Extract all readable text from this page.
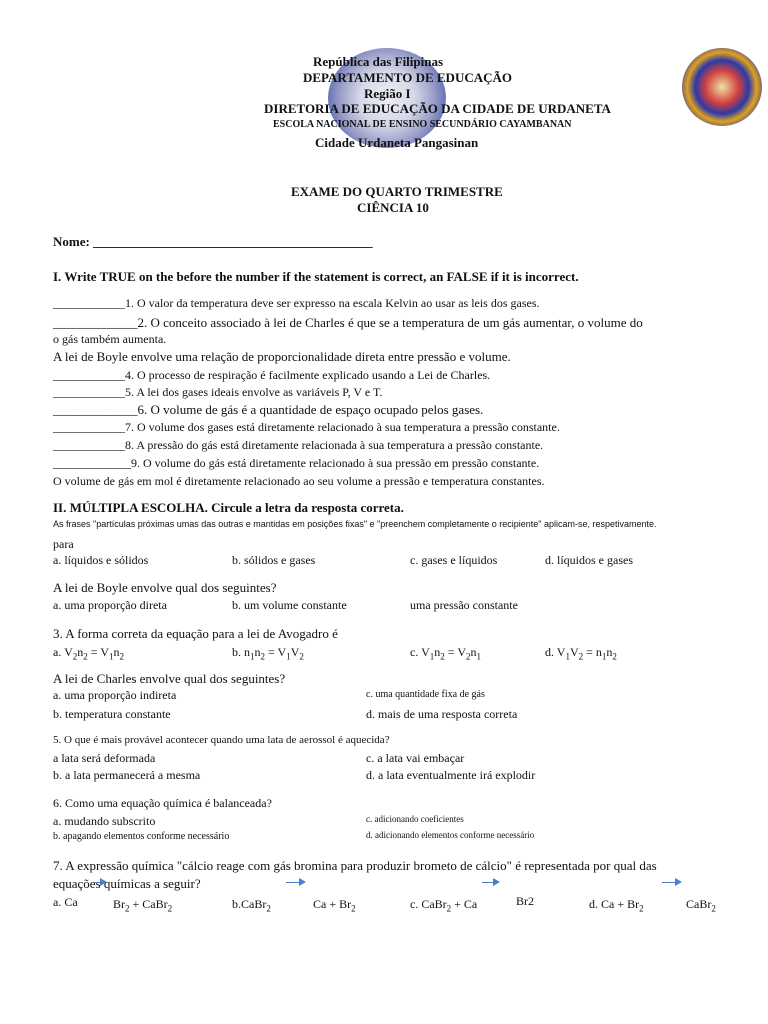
República das Filipinas
DEPARTAMENTO DE EDUCAÇÃO
Região I
DIRETORIA DE EDUCAÇÃO DA CIDADE DE URDANETA
ESCOLA NACIONAL DE ENSINO SECUNDÁRIO CAYAMBANAN
Cidade Urdaneta Pangasinan
EXAME DO QUARTO TRIMESTRE
CIÊNCIA 10
Nome: ___________________________________________
I. Write TRUE on the before the number if the statement is correct, an FALSE if it is incorrect.
____________1. O valor da temperatura deve ser expresso na escala Kelvin ao usar as leis dos gases.
_____________2. O conceito associado à lei de Charles é que se a temperatura de um gás aumentar, o volume do
o gás também aumenta.
A lei de Boyle envolve uma relação de proporcionalidade direta entre pressão e volume.
____________4. O processo de respiração é facilmente explicado usando a Lei de Charles.
____________5. A lei dos gases ideais envolve as variáveis P, V e T.
_____________6. O volume de gás é a quantidade de espaço ocupado pelos gases.
____________7. O volume dos gases está diretamente relacionado à sua temperatura a pressão constante.
____________8. A pressão do gás está diretamente relacionada à sua temperatura a pressão constante.
_____________9. O volume do gás está diretamente relacionado à sua pressão em pressão constante.
O volume de gás em mol é diretamente relacionado ao seu volume a pressão e temperatura constantes.
II. MÚLTIPLA ESCOLHA. Circule a letra da resposta correta.
As frases "partículas próximas umas das outras e mantidas em posições fixas" e "preenchem completamente o recipiente" aplicam-se, respetivamente.
para
a. líquidos e sólidos	b. sólidos e gases	c. gases e líquidos	d. líquidos e gases
A lei de Boyle envolve qual dos seguintes?
a. uma proporção direta	b. um volume constante	uma pressão constante
3. A forma correta da equação para a lei de Avogadro é
a. $V_2n_2 = V_1n_2$	b. $n_1n_2 = V_1V_2$	c. $V_1n_2 = V_2n_1$	d. $V_1V_2 = n_1n_2$
A lei de Charles envolve qual dos seguintes?
a. uma proporção indireta	c. uma quantidade fixa de gás
b. temperatura constante	d. mais de uma resposta correta
5. O que é mais provável acontecer quando uma lata de aerossol é aquecida?
a lata será deformada	c. a lata vai embaçar
b. a lata permanecerá a mesma	d. a lata eventualmente irá explodir
6. Como uma equação química é balanceada?
a. mudando subscrito	c. adicionando coeficientes
b. apagando elementos conforme necessário	d. adicionando elementos conforme necessário
7. A expressão química "cálcio reage com gás bromina para produzir brometo de cálcio" é representada por qual das
equações químicas a seguir?
a. Ca	$Br_2$ + CaBr$_2$	b.CaBr$_2$	$Ca + Br_2$	c. CaBr$_2$ + Ca	Br2	d. $Ca + Br_2$	CaBr$_2$
